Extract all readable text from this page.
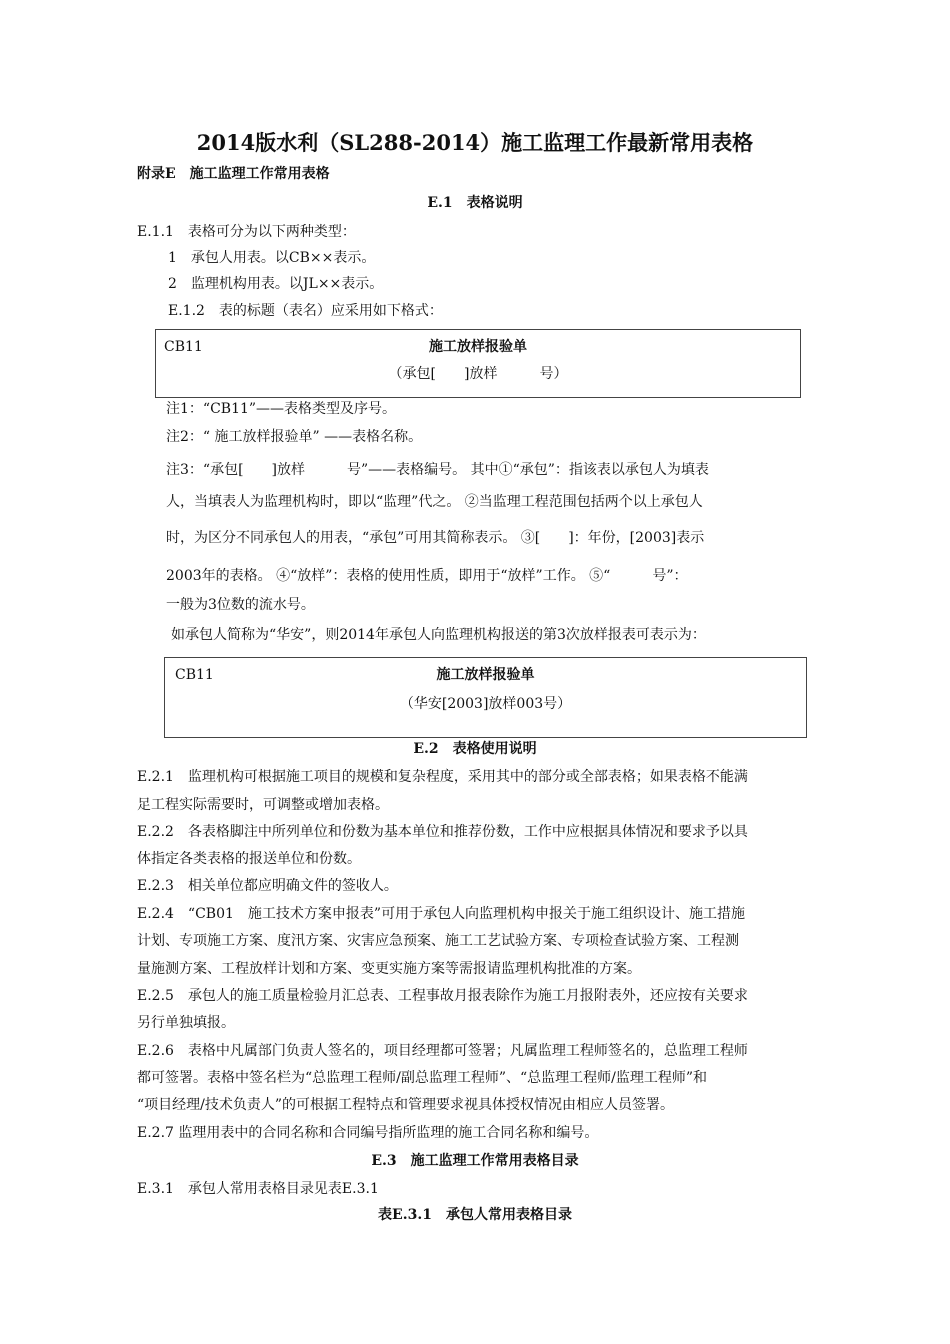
2014版水利（SL288-2014）施工监理工作最新常用表格
附录E　施工监理工作常用表格
E.1　表格说明
E.1.1　表格可分为以下两种类型：
1　承包人用表。以CB××表示。
2　监理机构用表。以JL××表示。
E.1.2　表的标题（表名）应采用如下格式：
CB11	施工放样报验单
（承包[　　]放样　　　号）
注1：“CB11”——表格类型及序号。
注2：“ 施工放样报验单” ——表格名称。
注3：“承包[　　]放样　　　号”——表格编号。 其中①“承包”：指该表以承包人为填表
人，当填表人为监理机构时，即以“监理”代之。 ②当监理工程范围包括两个以上承包人
时，为区分不同承包人的用表，“承包”可用其简称表示。 ③[　　]：年份，[2003]表示
2003年的表格。 ④“放样”：表格的使用性质，即用于“放样”工作。 ⑤“　　　号”：
一般为3位数的流水号。
如承包人简称为“华安”，则2014年承包人向监理机构报送的第3次放样报表可表示为：
CB11	施工放样报验单
（华安[2003]放样003号）
E.2　表格使用说明
E.2.1　监理机构可根据施工项目的规模和复杂程度，采用其中的部分或全部表格；如果表格不能满
足工程实际需要时，可调整或增加表格。
E.2.2　各表格脚注中所列单位和份数为基本单位和推荐份数，工作中应根据具体情况和要求予以具
体指定各类表格的报送单位和份数。
E.2.3　相关单位都应明确文件的签收人。
E.2.4　“CB01　施工技术方案申报表”可用于承包人向监理机构申报关于施工组织设计、施工措施
计划、专项施工方案、度汛方案、灾害应急预案、施工工艺试验方案、专项检查试验方案、工程测
量施测方案、工程放样计划和方案、变更实施方案等需报请监理机构批准的方案。
E.2.5　承包人的施工质量检验月汇总表、工程事故月报表除作为施工月报附表外，还应按有关要求
另行单独填报。
E.2.6　表格中凡属部门负责人签名的，项目经理都可签署；凡属监理工程师签名的，总监理工程师
都可签署。表格中签名栏为“总监理工程师/副总监理工程师”、“总监理工程师/监理工程师”和
“项目经理/技术负责人”的可根据工程特点和管理要求视具体授权情况由相应人员签署。
E.2.7 监理用表中的合同名称和合同编号指所监理的施工合同名称和编号。
E.3　施工监理工作常用表格目录
E.3.1　承包人常用表格目录见表E.3.1
表E.3.1　承包人常用表格目录
